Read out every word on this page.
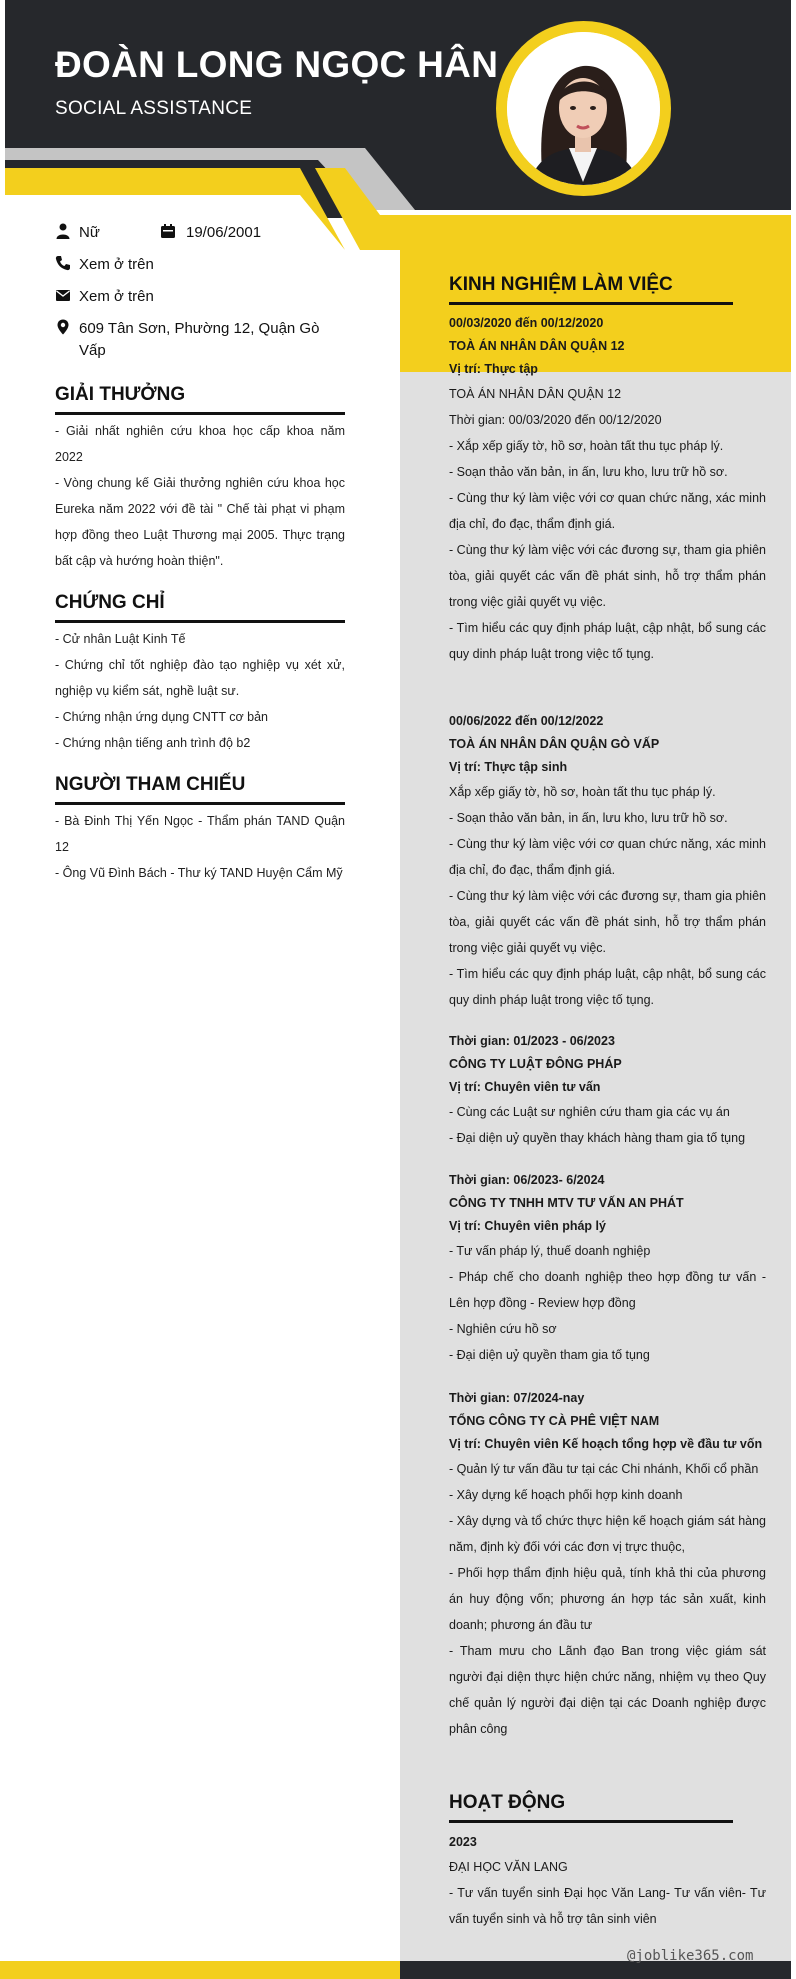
ĐOÀN LONG NGỌC HÂN

SOCIAL ASSISTANCE

Nữ	19/06/2001
Xem ở trên
Xem ở trên
609 Tân Sơn, Phường 12, Quận Gò Vấp
GIẢI THƯỞNG
- Giải nhất nghiên cứu khoa học cấp khoa năm 2022
- Vòng chung kế Giải thưởng nghiên cứu khoa học Eureka năm 2022 với đề tài " Chế tài phạt vi phạm hợp đồng theo Luật Thương mại 2005. Thực trạng bất cập và hướng hoàn thiện".
CHỨNG CHỈ
- Cử nhân Luật Kinh Tế
- Chứng chỉ tốt nghiệp đào tạo nghiệp vụ xét xử, nghiệp vụ kiểm sát, nghề luật sư.
- Chứng nhận ứng dụng CNTT cơ bản
- Chứng nhận tiếng anh trình độ b2
NGƯỜI THAM CHIẾU
- Bà Đinh Thị Yến Ngọc - Thẩm phán TAND Quận 12
- Ông Vũ Đình Bách - Thư ký TAND Huyện Cẩm Mỹ
KINH NGHIỆM LÀM VIỆC

00/03/2020 đến 00/12/2020

TOÀ ÁN NHÂN DÂN QUẬN 12

Vị trí: Thực tập

TOÀ ÁN NHÂN DÂN QUẬN 12

Thời gian: 00/03/2020 đến 00/12/2020

- Xắp xếp giấy tờ, hồ sơ, hoàn tất thu tục pháp lý.

- Soạn thảo văn bản, in ấn, lưu kho, lưu trữ hồ sơ.

- Cùng thư ký làm việc với cơ quan chức năng, xác minh địa chỉ, đo đạc, thẩm định giá.

- Cùng thư ký làm việc với các đương sự, tham gia phiên tòa, giải quyết các vấn đề phát sinh, hỗ trợ thẩm phán trong việc giải quyết vụ việc.

- Tìm hiểu các quy định pháp luật, cập nhật, bổ sung các quy dinh pháp luật trong việc tố tụng.

00/06/2022 đến 00/12/2022

TOÀ ÁN NHÂN DÂN QUẬN GÒ VẤP

Vị trí: Thực tập sinh

Xắp xếp giấy tờ, hồ sơ, hoàn tất thu tục pháp lý.

- Soạn thảo văn bản, in ấn, lưu kho, lưu trữ hồ sơ.

- Cùng thư ký làm việc với cơ quan chức năng, xác minh địa chỉ, đo đạc, thẩm định giá.

- Cùng thư ký làm việc với các đương sự, tham gia phiên tòa, giải quyết các vấn đề phát sinh, hỗ trợ thẩm phán trong việc giải quyết vụ việc.

- Tìm hiểu các quy định pháp luật, cập nhật, bổ sung các quy dinh pháp luật trong việc tố tụng.

Thời gian: 01/2023 - 06/2023

CÔNG TY LUẬT ĐÔNG PHÁP

Vị trí: Chuyên viên tư vấn

- Cùng các Luật sư nghiên cứu tham gia các vụ án

- Đại diện uỷ quyền thay khách hàng tham gia tố tụng

Thời gian: 06/2023- 6/2024

CÔNG TY TNHH MTV TƯ VẤN AN PHÁT

Vị trí: Chuyên viên pháp lý

- Tư vấn pháp lý, thuế doanh nghiệp

- Pháp chế cho doanh nghiệp theo hợp đồng tư vấn - Lên hợp đồng - Review hợp đồng

- Nghiên cứu hồ sơ

- Đại diện uỷ quyền tham gia tố tụng

Thời gian: 07/2024-nay

TỔNG CÔNG TY CÀ PHÊ VIỆT NAM

Vị trí: Chuyên viên Kế hoạch tổng hợp về đầu tư vốn

- Quản lý tư vấn đầu tư tại các Chi nhánh, Khối cổ phần

- Xây dựng kế hoạch phối hợp kinh doanh

- Xây dựng và tổ chức thực hiện kế hoạch giám sát hàng năm, định kỳ đối với các đơn vị trực thuộc,

- Phối hợp thẩm định hiệu quả, tính khả thi của phương án huy động vốn; phương án hợp tác sản xuất, kinh doanh; phương án đầu tư

- Tham mưu cho Lãnh đạo Ban trong việc giám sát người đại diện thực hiện chức năng, nhiệm vụ theo Quy chế quản lý người đại diện tại các Doanh nghiệp được phân công

HOẠT ĐỘNG

2023

ĐẠI HỌC VĂN LANG

- Tư vấn tuyển sinh Đại học Văn Lang- Tư vấn viên- Tư vấn tuyển sinh và hỗ trợ tân sinh viên

@joblike365.com
